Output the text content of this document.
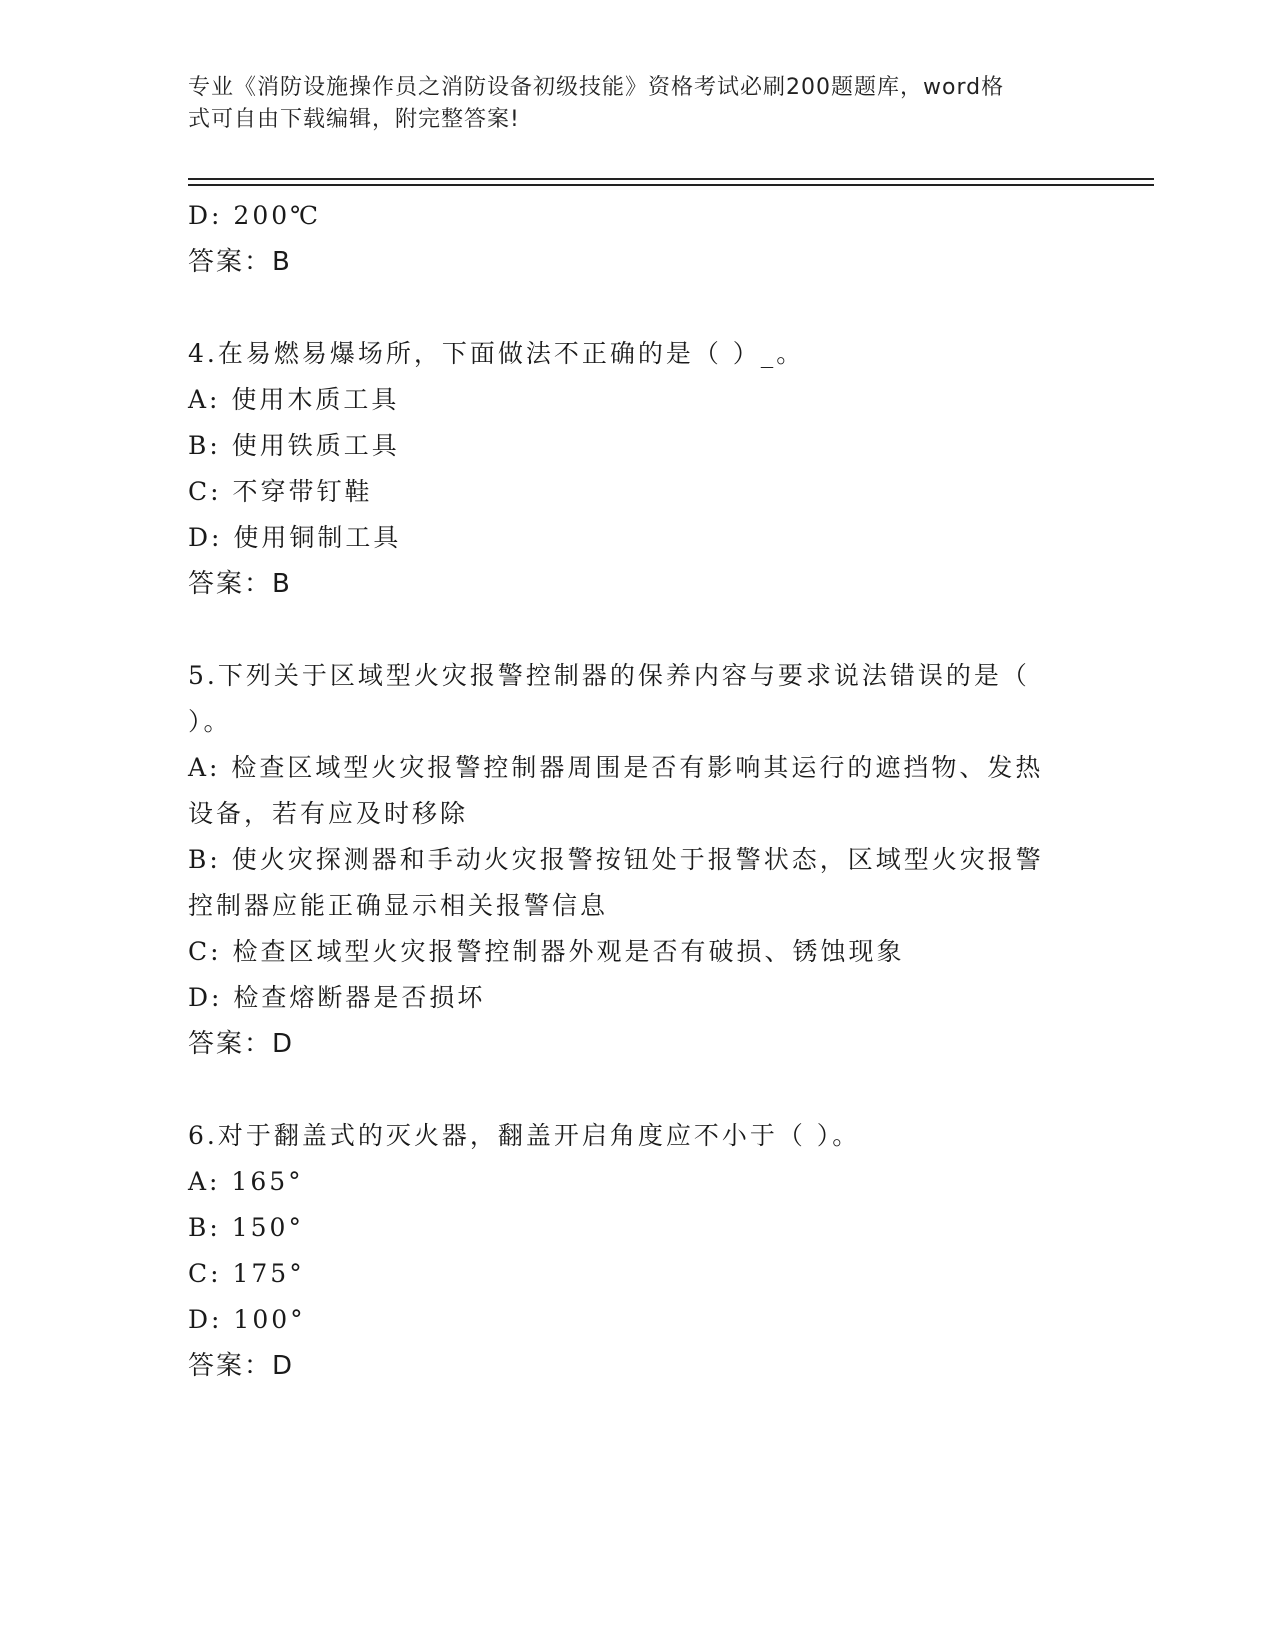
专业《消防设施操作员之消防设备初级技能》资格考试必刷200题题库，word格
式可自由下载编辑，附完整答案!
D: 200℃
答案：B
4.在易燃易爆场所，下面做法不正确的是（ ）_。
A: 使用木质工具
B: 使用铁质工具
C: 不穿带钉鞋
D: 使用铜制工具
答案：B
5.下列关于区域型火灾报警控制器的保养内容与要求说法错误的是（
）。
A: 检查区域型火灾报警控制器周围是否有影响其运行的遮挡物、发热
设备，若有应及时移除
B: 使火灾探测器和手动火灾报警按钮处于报警状态，区域型火灾报警
控制器应能正确显示相关报警信息
C: 检查区域型火灾报警控制器外观是否有破损、锈蚀现象
D: 检查熔断器是否损坏
答案：D
6.对于翻盖式的灭火器，翻盖开启角度应不小于（ ）。
A: 165°
B: 150°
C: 175°
D: 100°
答案：D
